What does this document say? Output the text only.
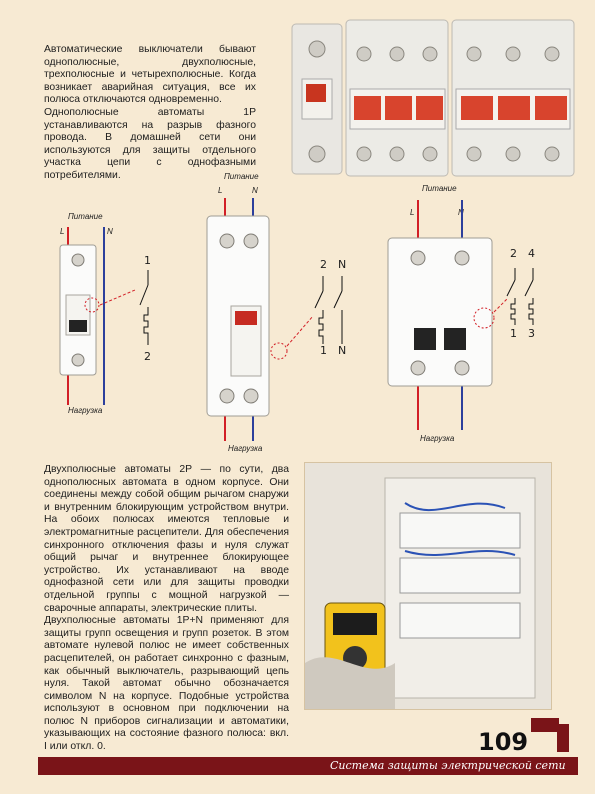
Автоматические выключатели бывают однополюсные, двухполюсные, трехполюсные и четырехполюсные. Когда возникает аварийная ситуация, все их полюса отключаются одновременно.

Однополюсные автоматы 1Р устанавливаются на разрыв фазного провода. В домашней сети они используются для защиты отдельного участка цепи с однофазными потребителями.

Питание
L	N
Нагрузка
1
2
Питание
L	N
Нагрузка
2 N
1 N
Питание
L	N
Нагрузка
2 4
1 3

Двухполюсные автоматы 2Р — по сути, два однополюсных автомата в одном корпусе. Они соединены между собой общим рычагом снаружи и внутренним блокирующим устройством внутри. На обоих полюсах имеются тепловые и электромагнитные расцепители. Для обеспечения синхронного отключения фазы и нуля служат общий рычаг и внутреннее блокирующее устройство. Их устанавливают на вводе однофазной сети или для защиты проводки отдельной группы с мощной нагрузкой — сварочные аппараты, электрические плиты.

Двухполюсные автоматы 1Р+N применяют для защиты групп освещения и групп розеток. В этом автомате нулевой полюс не имеет собственных расцепителей, он работает синхронно с фазным, как обычный выключатель, разрывающий цепь нуля. Такой автомат обычно обозначается символом N на корпусе. Подобные устройства используют в основном при подключении на полюс N приборов сигнализации и автоматики, указывающих на состояние фазного полюса: вкл. I или откл. 0.	109
Система защиты электрической сети
